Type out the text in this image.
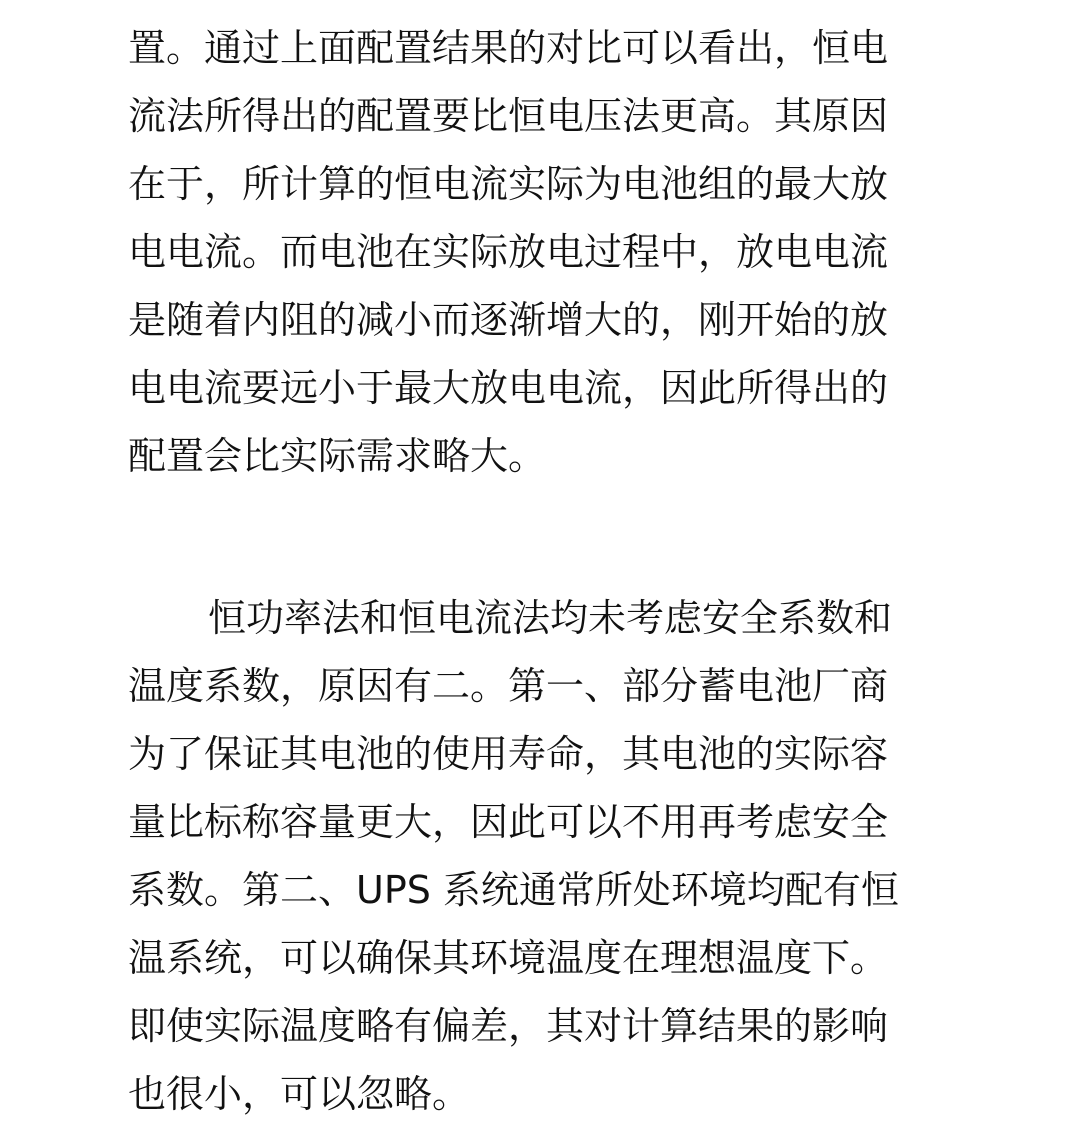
置。通过上面配置结果的对比可以看出，恒电
流法所得出的配置要比恒电压法更高。其原因
在于，所计算的恒电流实际为电池组的最大放
电电流。而电池在实际放电过程中，放电电流
是随着内阻的减小而逐渐增大的，刚开始的放
电电流要远小于最大放电电流，因此所得出的
配置会比实际需求略大。
恒功率法和恒电流法均未考虑安全系数和
温度系数，原因有二。第一、部分蓄电池厂商
为了保证其电池的使用寿命，其电池的实际容
量比标称容量更大，因此可以不用再考虑安全
系数。第二、UPS 系统通常所处环境均配有恒
温系统，可以确保其环境温度在理想温度下。
即使实际温度略有偏差，其对计算结果的影响
也很小，可以忽略。
